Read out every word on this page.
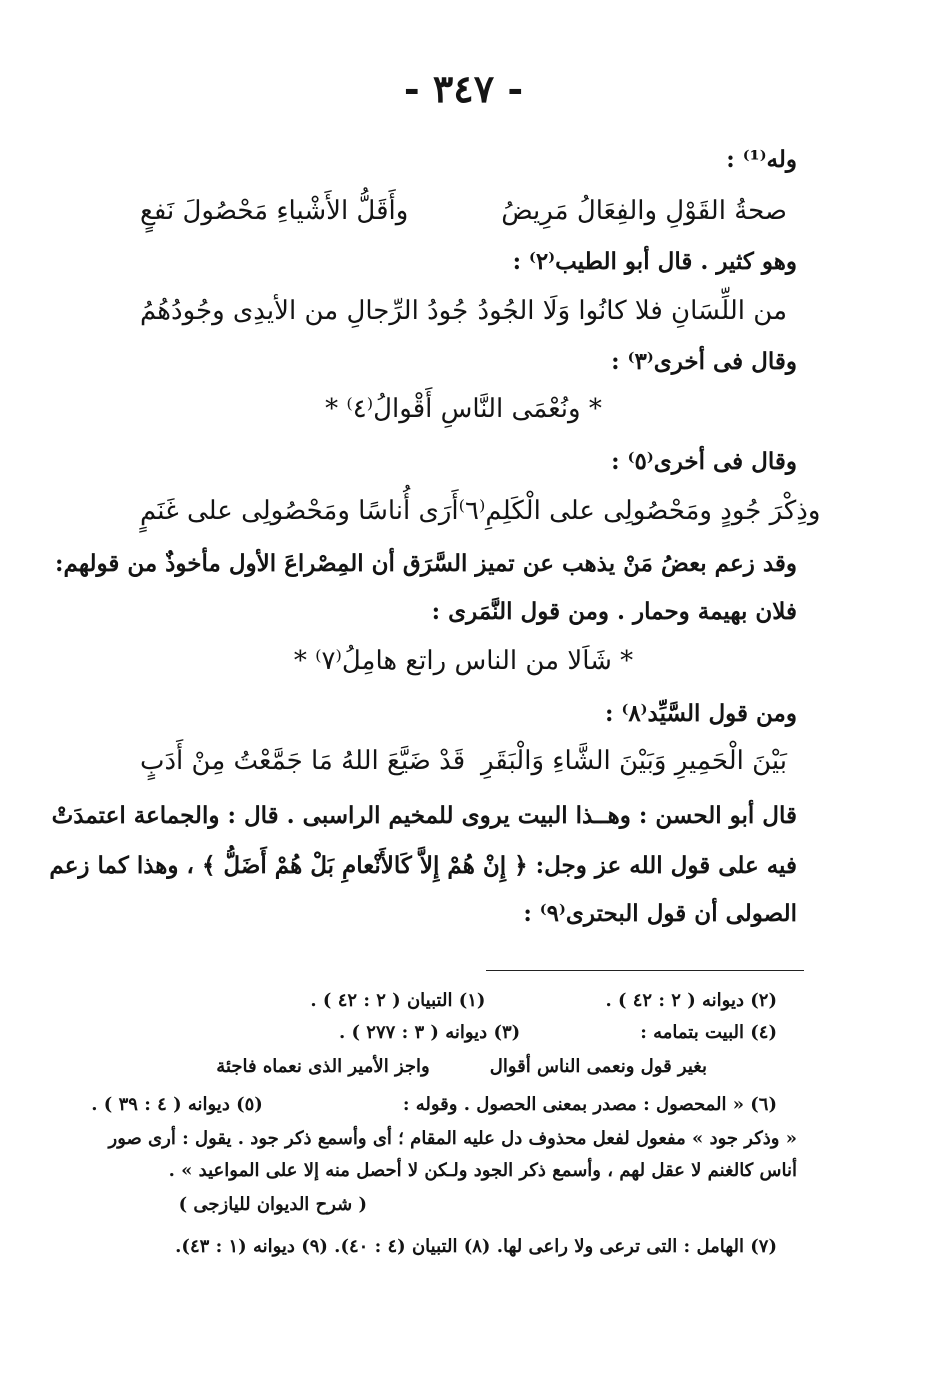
- ٣٤٧ -
وله⁽¹⁾ :
وأَقَلُّ الأَشْياءِ مَحْصُولَ نَفعٍ	صحةُ القَوْلِ والفِعَالُ مَرِيضُ
وهو كثير . قال أبو الطيب⁽٢⁾ :
جُودُ الرِّجالِ من الأيدِى وجُودُهُمُ من اللِّسَانِ فلا كانُوا وَلَا الجُودُ
وقال فى أخرى⁽٣⁾ :
* ونُعْمَى النَّاسِ أَقْوالُ⁽٤⁾ *
وقال فى أخرى⁽٥⁾ :
أَرَى أُناسًا ومَحْصُولِى على غَنَمٍ وذِكْرَ جُودٍ ومَحْصُولِى على الْكَلِمِ⁽٦⁾
وقد زعم بعضُ مَنْ يذهب عن تميز السَّرَق أن المِصْراعَ الأول مأخوذٌ من قولهم:
فلان بهيمة وحمار . ومن قول النَّمَرى :
* شَاَلا من الناس راتع هامِلُ⁽٧⁾ *
ومن قول السَّيِّد⁽٨⁾ :
قَدْ ضَيَّعَ اللهُ مَا جَمَّعْتُ مِنْ أَدَبٍ بَيْنَ الْحَمِيرِ وَبَيْنَ الشَّاءِ وَالْبَقَرِ
قال أبو الحسن : وهــذا البيت يروى للمخيم الراسبى . قال : والجماعة اعتمدَتْ
فيه على قول الله عز وجل: ﴿ إِنْ هُمْ إِلاَّ كَالأَنْعامِ بَلْ هُمْ أَضَلُّ ﴾ ، وهذا كما زعم
الصولى أن قول البحترى⁽٩⁾ :
(١) التبيان ( ٢ : ٤٢ ) .	(٢) ديوانه ( ٢ : ٤٢ ) .
(٣) ديوانه ( ٣ : ٢٧٧ ) .	(٤) البيت بتمامه :
واجز الأمير الذى نعماه فاجئة	بغير قول ونعمى الناس أقوال
(٥) ديوانه ( ٤ : ٣٩ ) .	(٦) « المحصول : مصدر بمعنى الحصول . وقوله :
« وذكر جود » مفعول لفعل محذوف دل عليه المقام ؛ أى وأسمع ذكر جود . يقول : أرى صور
أناس كالغنم لا عقل لهم ، وأسمع ذكر الجود ولـكن لا أحصل منه إلا على المواعيد » .
( شرح الديوان لليازجى )
(٧) الهامل : التى ترعى ولا راعى لها. (٨) التبيان (٤ : ٤٠). (٩) ديوانه (١ : ٤٣).
